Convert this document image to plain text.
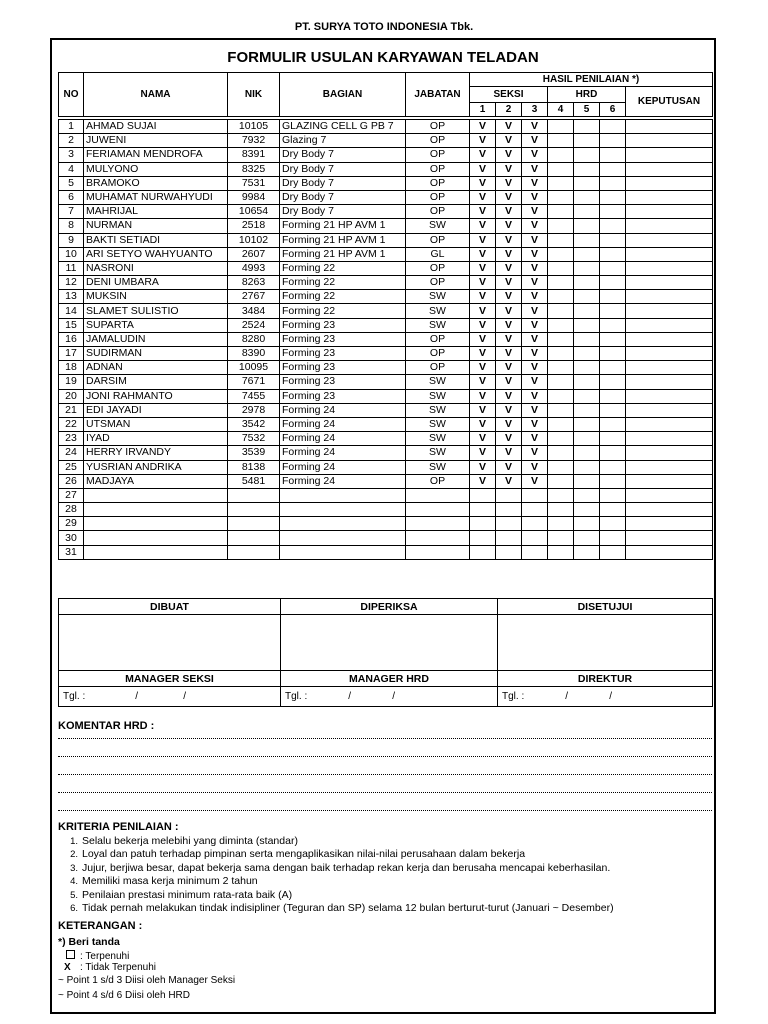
PT. SURYA TOTO INDONESIA Tbk.
FORMULIR USULAN KARYAWAN TELADAN
NO	NAMA	NIK	BAGIAN	JABATAN	HASIL PENILAIAN *)						
					SEKSI			HRD			KEPUTUSAN
					1	2	3	4	5	6	

1	AHMAD SUJAI	10105	GLAZING CELL G PB 7	OP	V	V	V				
2	JUWENI	7932	Glazing 7	OP	V	V	V				
3	FERIAMAN MENDROFA	8391	Dry Body 7	OP	V	V	V				
4	MULYONO	8325	Dry Body 7	OP	V	V	V				
5	BRAMOKO	7531	Dry Body 7	OP	V	V	V				
6	MUHAMAT NURWAHYUDI	9984	Dry Body 7	OP	V	V	V				
7	MAHRIJAL	10654	Dry Body 7	OP	V	V	V				
8	NURMAN	2518	Forming 21 HP AVM 1	SW	V	V	V				
9	BAKTI SETIADI	10102	Forming 21 HP AVM 1	OP	V	V	V				
10	ARI SETYO WAHYUANTO	2607	Forming 21 HP AVM 1	GL	V	V	V				
11	NASRONI	4993	Forming 22	OP	V	V	V				
12	DENI UMBARA	8263	Forming 22	OP	V	V	V				
13	MUKSIN	2767	Forming 22	SW	V	V	V				
14	SLAMET SULISTIO	3484	Forming 22	SW	V	V	V				
15	SUPARTA	2524	Forming 23	SW	V	V	V				
16	JAMALUDIN	8280	Forming 23	OP	V	V	V				
17	SUDIRMAN	8390	Forming 23	OP	V	V	V				
18	ADNAN	10095	Forming 23	OP	V	V	V				
19	DARSIM	7671	Forming 23	SW	V	V	V				
20	JONI RAHMANTO	7455	Forming 23	SW	V	V	V				
21	EDI JAYADI	2978	Forming 24	SW	V	V	V				
22	UTSMAN	3542	Forming 24	SW	V	V	V				
23	IYAD	7532	Forming 24	SW	V	V	V				
24	HERRY IRVANDY	3539	Forming 24	SW	V	V	V				
25	YUSRIAN ANDRIKA	8138	Forming 24	SW	V	V	V				
26	MADJAYA	5481	Forming 24	OP	V	V	V				
27											
28											
29											
30											
31											
DIBUAT	DIPERIKSA	DISETUJUI

MANAGER SEKSI	MANAGER HRD	DIREKTUR
Tgl. : / /	Tgl. : / /	Tgl. : / /
KOMENTAR HRD :
KRITERIA PENILAIAN :
1. Selalu bekerja melebihi yang diminta (standar)
2. Loyal dan patuh terhadap pimpinan serta mengaplikasikan nilai-nilai perusahaan dalam bekerja
3. Jujur, berjiwa besar, dapat bekerja sama dengan baik terhadap rekan kerja dan berusaha mencapai keberhasilan.
4. Memiliki masa kerja minimum 2 tahun
5. Penilaian prestasi minimum rata-rata baik (A)
6. Tidak pernah melakukan tindak indisipliner (Teguran dan SP) selama 12 bulan berturut-turut (Januari ~ Desember)
KETERANGAN :
*) Beri tanda
: Terpenuhi
X : Tidak Terpenuhi
~ Point 1 s/d 3 Diisi oleh Manager Seksi
~ Point 4 s/d 6 Diisi oleh HRD
